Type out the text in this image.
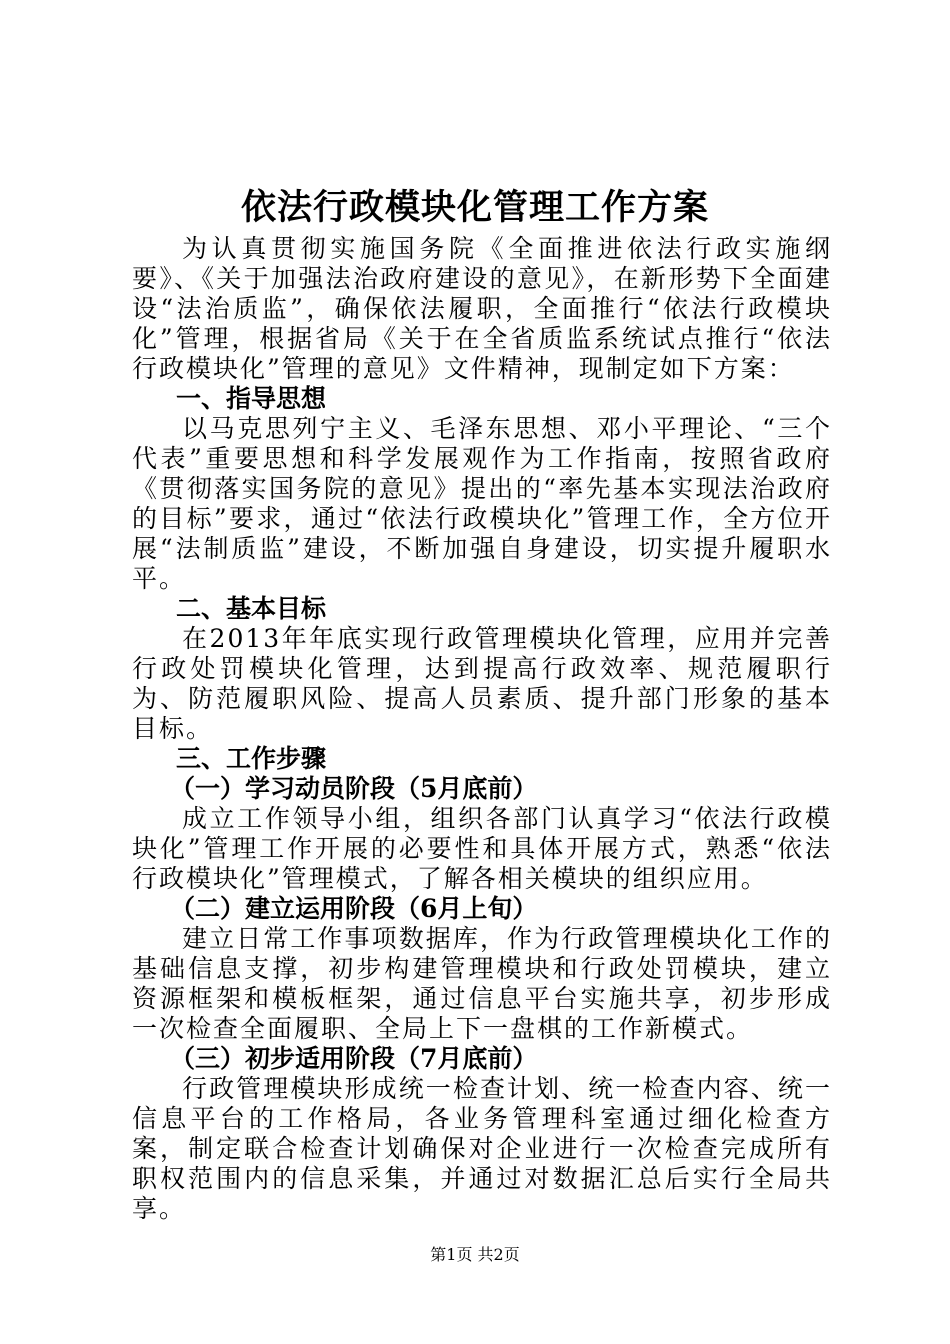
依法行政模块化管理工作方案

为认真贯彻实施国务院《全面推进依法行政实施纲要》、《关于加强法治政府建设的意见》，在新形势下全面建设“法治质监”，确保依法履职，全面推行“依法行政模块化”管理，根据省局《关于在全省质监系统试点推行“依法行政模块化”管理的意见》文件精神，现制定如下方案：

一、指导思想

以马克思列宁主义、毛泽东思想、邓小平理论、“三个代表”重要思想和科学发展观作为工作指南，按照省政府《贯彻落实国务院的意见》提出的“率先基本实现法治政府的目标”要求，通过“依法行政模块化”管理工作，全方位开展“法制质监”建设，不断加强自身建设，切实提升履职水平。

二、基本目标

在2013年年底实现行政管理模块化管理，应用并完善行政处罚模块化管理，达到提高行政效率、规范履职行为、防范履职风险、提高人员素质、提升部门形象的基本目标。

三、工作步骤

（一）学习动员阶段（5月底前）

成立工作领导小组，组织各部门认真学习“依法行政模块化”管理工作开展的必要性和具体开展方式，熟悉“依法行政模块化”管理模式，了解各相关模块的组织应用。

（二）建立运用阶段（6月上旬）

建立日常工作事项数据库，作为行政管理模块化工作的基础信息支撑，初步构建管理模块和行政处罚模块，建立资源框架和模板框架，通过信息平台实施共享，初步形成一次检查全面履职、全局上下一盘棋的工作新模式。

（三）初步适用阶段（7月底前）

行政管理模块形成统一检查计划、统一检查内容、统一信息平台的工作格局，各业务管理科室通过细化检查方案，制定联合检查计划确保对企业进行一次检查完成所有职权范围内的信息采集，并通过对数据汇总后实行全局共享。

第1页 共2页
